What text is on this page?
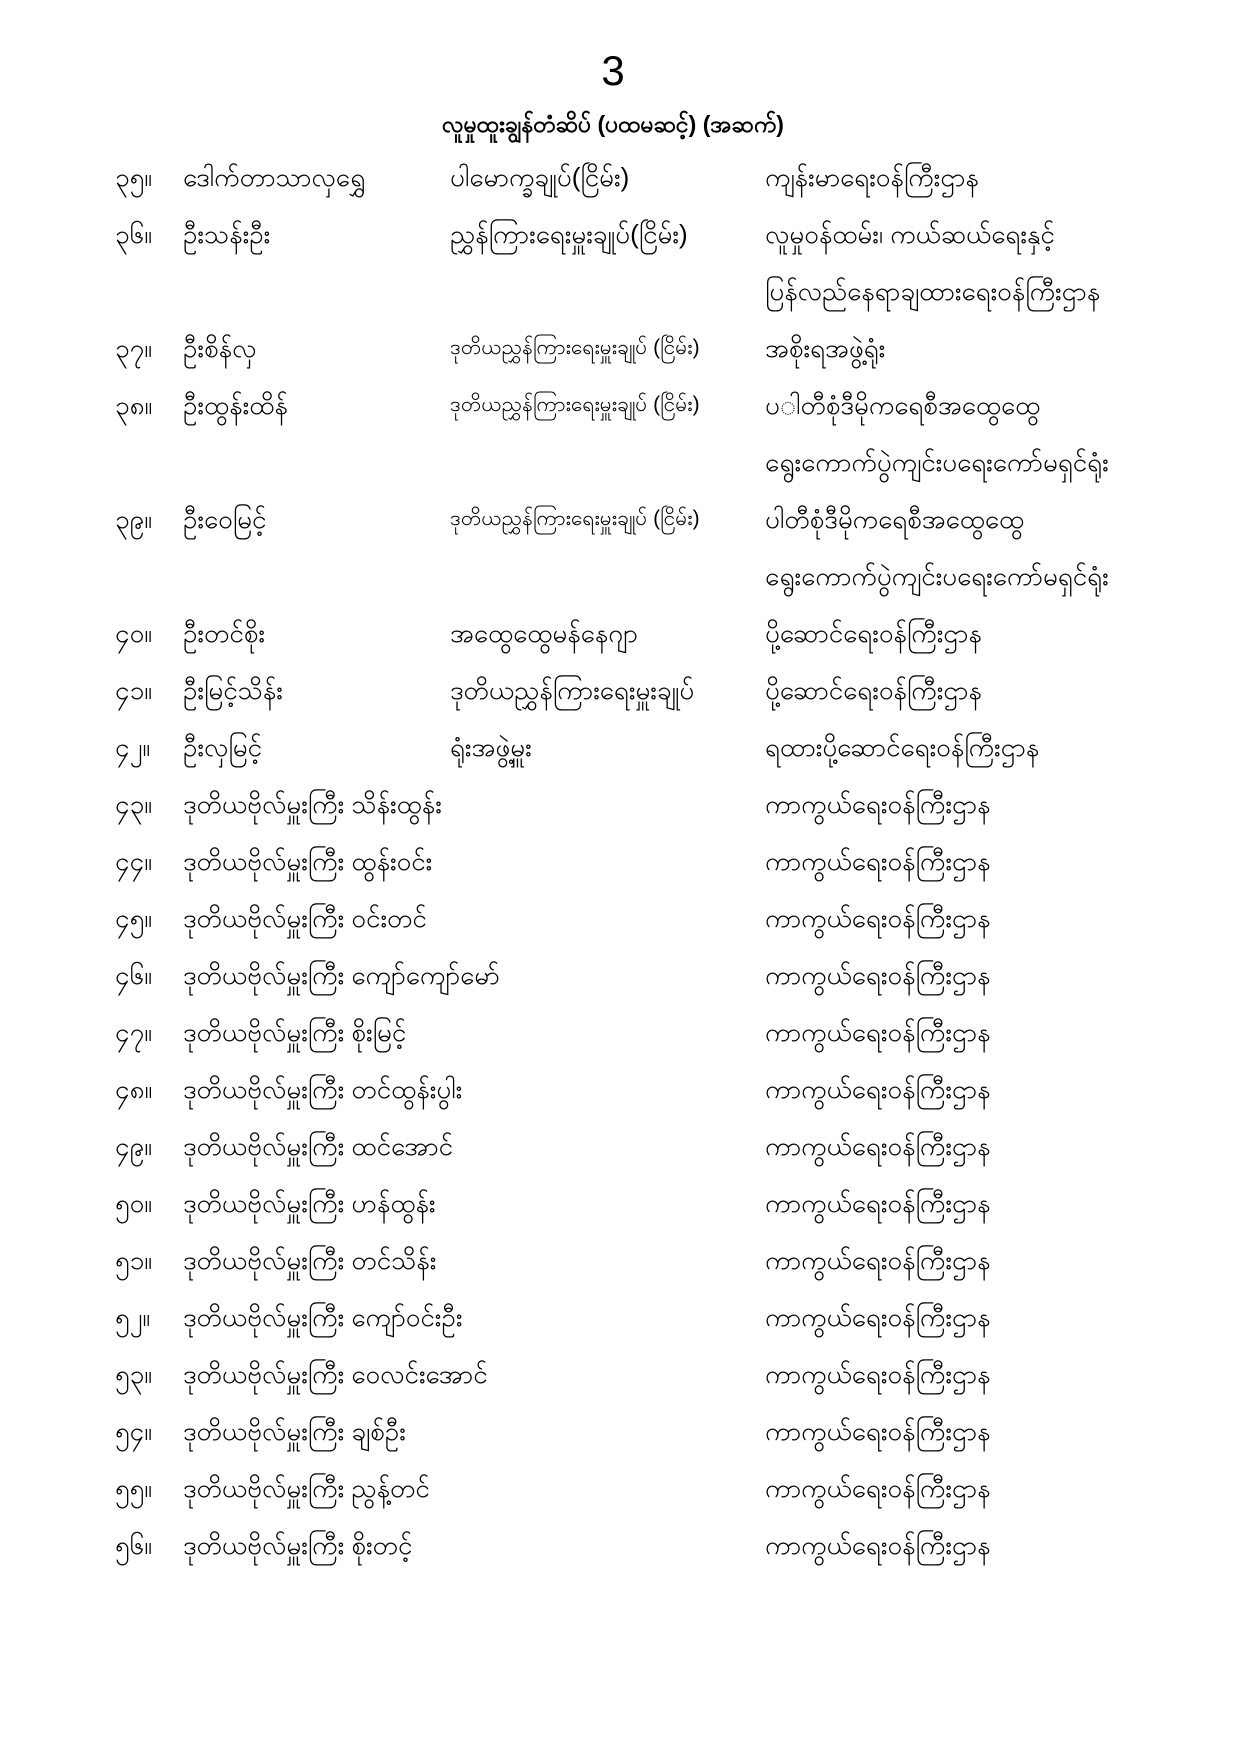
3
လူမှုထူးချွန်တံဆိပ် (ပထမဆင့်) (အဆက်)
၃၅။	ဒေါက်တာသာလှရွှေ	ပါမောက္ခချုပ်(ငြိမ်း)	ကျန်းမာရေးဝန်ကြီးဌာန
၃၆။	ဦးသန်းဦး	ညွှန်ကြားရေးမှူးချုပ်(ငြိမ်း)	လူမှုဝန်ထမ်း၊ ကယ်ဆယ်ရေးနှင့်
ပြန်လည်နေရာချထားရေးဝန်ကြီးဌာန
၃၇။	ဦးစိန်လှ	ဒုတိယညွှန်ကြားရေးမှူးချုပ် (ငြိမ်း)	အစိုးရအဖွဲ့ရုံး
၃၈။	ဦးထွန်းထိန်	ဒုတိယညွှန်ကြားရေးမှူးချုပ် (ငြိမ်း)	ပ◌ါတီစုံဒီမိုကရေစီအထွေထွေ
ရွေးကောက်ပွဲကျင်းပရေးကော်မရှင်ရုံး
၃၉။	ဦးဝေမြင့်	ဒုတိယညွှန်ကြားရေးမှူးချုပ် (ငြိမ်း)	ပါတီစုံဒီမိုကရေစီအထွေထွေ
ရွေးကောက်ပွဲကျင်းပရေးကော်မရှင်ရုံး
၄၀။	ဦးတင်စိုး	အထွေထွေမန်နေဂျာ	ပို့ဆောင်ရေးဝန်ကြီးဌာန
၄၁။	ဦးမြင့်သိန်း	ဒုတိယညွှန်ကြားရေးမှူးချုပ်	ပို့ဆောင်ရေးဝန်ကြီးဌာန
၄၂။	ဦးလှမြင့်	ရုံးအဖွဲ့မှူး	ရထားပို့ဆောင်ရေးဝန်ကြီးဌာန
၄၃။	ဒုတိယဗိုလ်မှူးကြီး သိန်းထွန်း	ကာကွယ်ရေးဝန်ကြီးဌာန
၄၄။	ဒုတိယဗိုလ်မှူးကြီး ထွန်းဝင်း	ကာကွယ်ရေးဝန်ကြီးဌာန
၄၅။	ဒုတိယဗိုလ်မှူးကြီး ဝင်းတင်	ကာကွယ်ရေးဝန်ကြီးဌာန
၄၆။	ဒုတိယဗိုလ်မှူးကြီး ကျော်ကျော်မော်	ကာကွယ်ရေးဝန်ကြီးဌာန
၄၇။	ဒုတိယဗိုလ်မှူးကြီး စိုးမြင့်	ကာကွယ်ရေးဝန်ကြီးဌာန
၄၈။	ဒုတိယဗိုလ်မှူးကြီး တင်ထွန်းပွါး	ကာကွယ်ရေးဝန်ကြီးဌာန
၄၉။	ဒုတိယဗိုလ်မှူးကြီး ထင်အောင်	ကာကွယ်ရေးဝန်ကြီးဌာန
၅၀။	ဒုတိယဗိုလ်မှူးကြီး ဟန်ထွန်း	ကာကွယ်ရေးဝန်ကြီးဌာန
၅၁။	ဒုတိယဗိုလ်မှူးကြီး တင်သိန်း	ကာကွယ်ရေးဝန်ကြီးဌာန
၅၂။	ဒုတိယဗိုလ်မှူးကြီး ကျော်ဝင်းဦး	ကာကွယ်ရေးဝန်ကြီးဌာန
၅၃။	ဒုတိယဗိုလ်မှူးကြီး ဝေလင်းအောင်	ကာကွယ်ရေးဝန်ကြီးဌာန
၅၄။	ဒုတိယဗိုလ်မှူးကြီး ချစ်ဦး	ကာကွယ်ရေးဝန်ကြီးဌာန
၅၅။	ဒုတိယဗိုလ်မှူးကြီး ညွန့်တင်	ကာကွယ်ရေးဝန်ကြီးဌာန
၅၆။	ဒုတိယဗိုလ်မှူးကြီး စိုးတင့်	ကာကွယ်ရေးဝန်ကြီးဌာန
